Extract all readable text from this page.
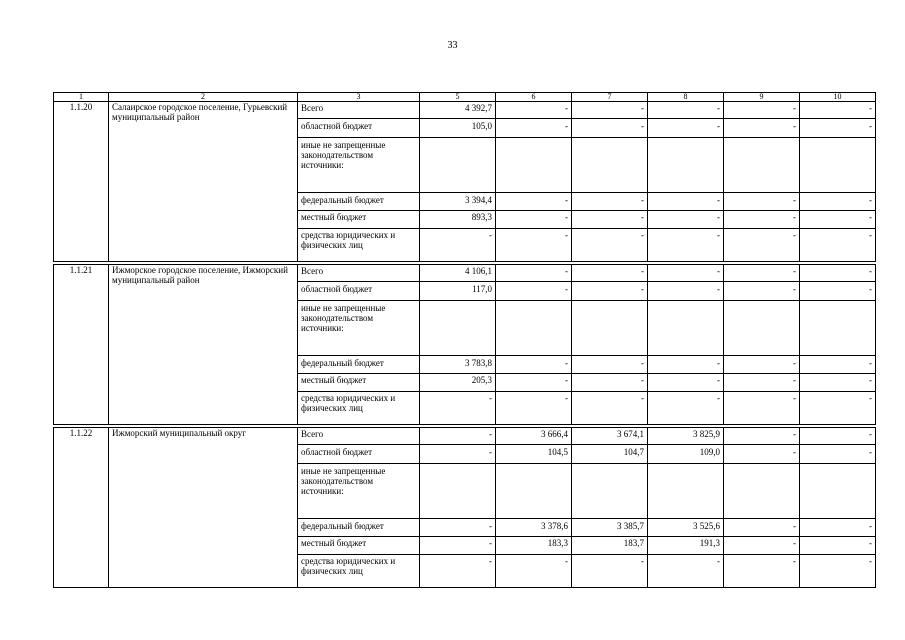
33
1	2	3	5	6	7	8	9	10
1.1.20	Салаирское городское поселение, Гурьевский муниципальный район	Всего	4 392,7	-	-	-	-	-
		областной бюджет	105,0	-	-	-	-	-
		иные не запрещенные законодательством источники:						
		федеральный бюджет	3 394,4	-	-	-	-	-
		местный бюджет	893,3	-	-	-	-	-
		средства юридических и физических лиц	-	-	-	-	-	-

1.1.21	Ижморское городское поселение, Ижморский муниципальный район	Всего	4 106,1	-	-	-	-	-
		областной бюджет	117,0	-	-	-	-	-
		иные не запрещенные законодательством источники:						
		федеральный бюджет	3 783,8	-	-	-	-	-
		местный бюджет	205,3	-	-	-	-	-
		средства юридических и физических лиц	-	-	-	-	-	-

1.1.22	Ижморский муниципальный округ	Всего	-	3 666,4	3 674,1	3 825,9	-	-
		областной бюджет	-	104,5	104,7	109,0	-	-
		иные не запрещенные законодательством источники:						
		федеральный бюджет	-	3 378,6	3 385,7	3 525,6	-	-
		местный бюджет	-	183,3	183,7	191,3	-	-
		средства юридических и физических лиц	-	-	-	-	-	-
